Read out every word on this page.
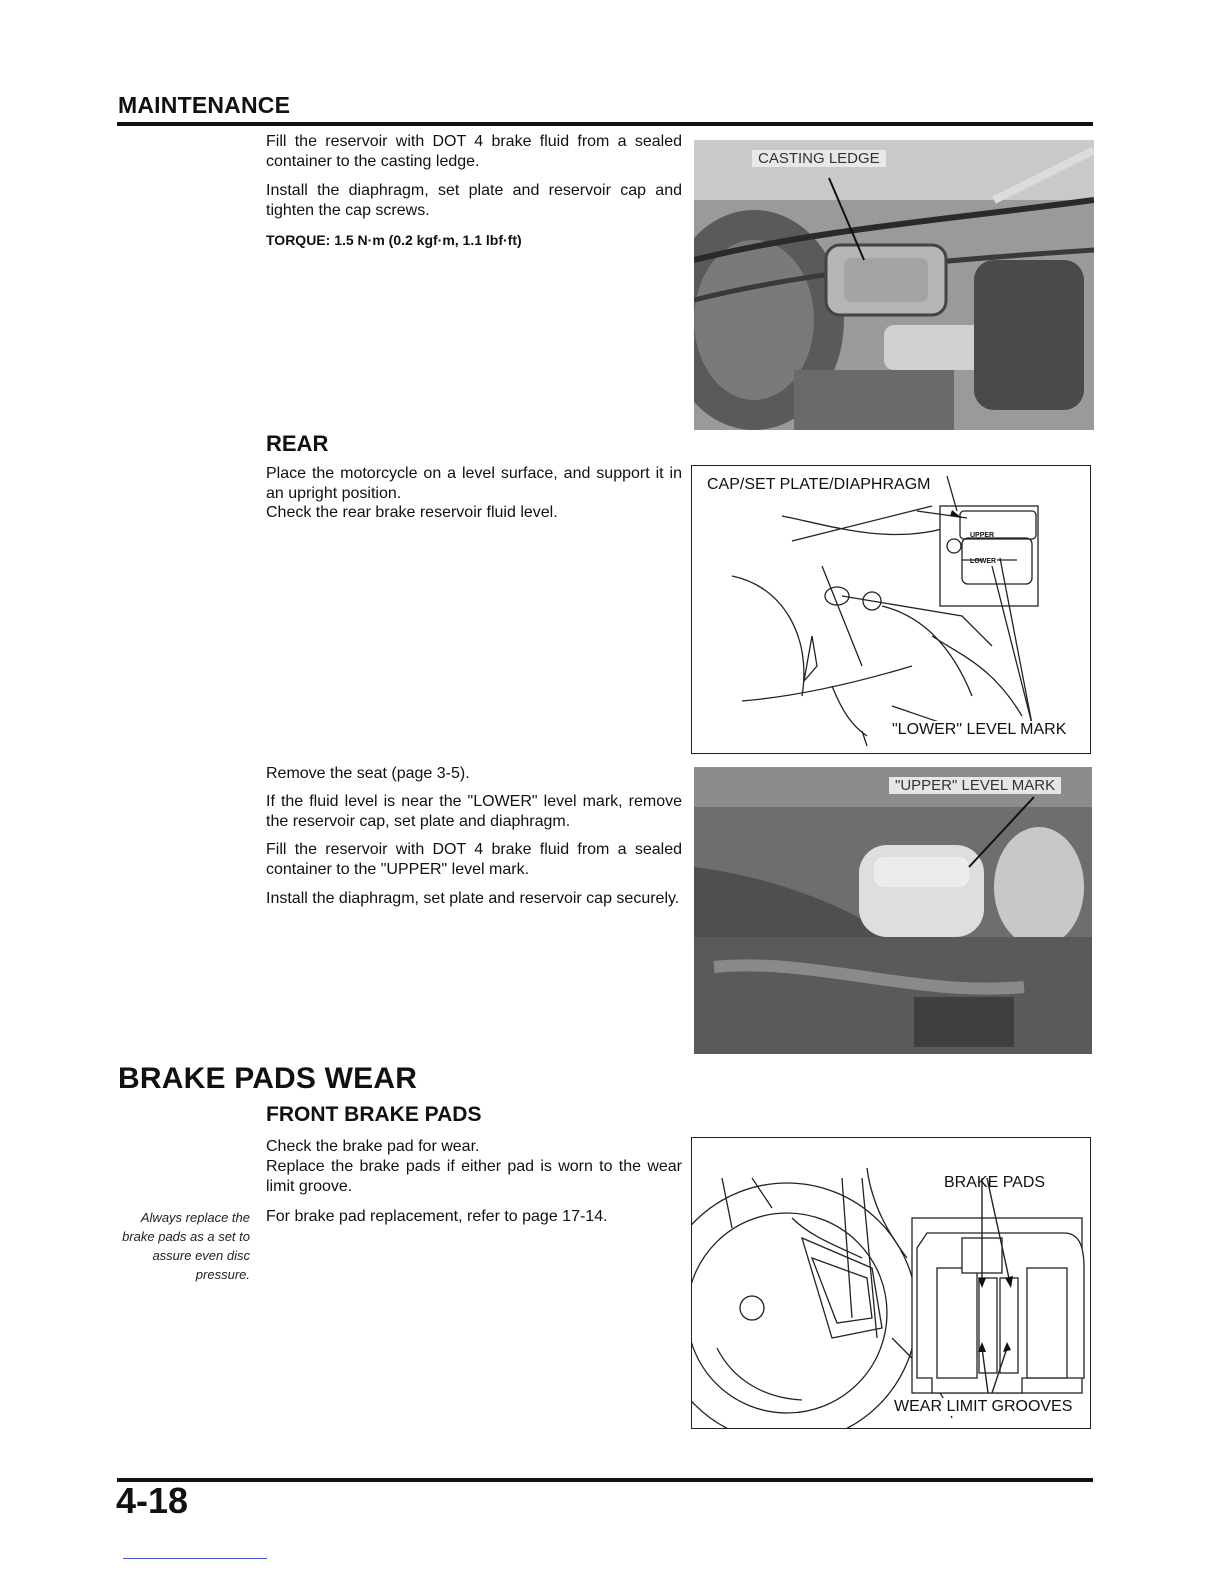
MAINTENANCE
Fill the reservoir with DOT 4 brake fluid from a sealed container to the casting ledge.
Install the diaphragm, set plate and reservoir cap and tighten the cap screws.
TORQUE: 1.5 N·m (0.2 kgf·m, 1.1 lbf·ft)
CASTING LEDGE
REAR
Place the motorcycle on a level surface, and support it in an upright position.
Check the rear brake reservoir fluid level.
UPPER
LOWER
CAP/SET PLATE/DIAPHRAGM
"LOWER" LEVEL MARK
Remove the seat (page 3-5).
If the fluid level is near the "LOWER" level mark, remove the reservoir cap, set plate and diaphragm.
Fill the reservoir with DOT 4 brake fluid from a sealed container to the "UPPER" level mark.
Install the diaphragm, set plate and reservoir cap securely.
"UPPER" LEVEL MARK
BRAKE PADS WEAR
FRONT BRAKE PADS
Check the brake pad for wear.
Replace the brake pads if either pad is worn to the wear limit groove.
For brake pad replacement, refer to page 17-14.
Always replace the brake pads as a set to assure even disc pressure.
BRAKE PADS
WEAR LIMIT GROOVES
4-18
